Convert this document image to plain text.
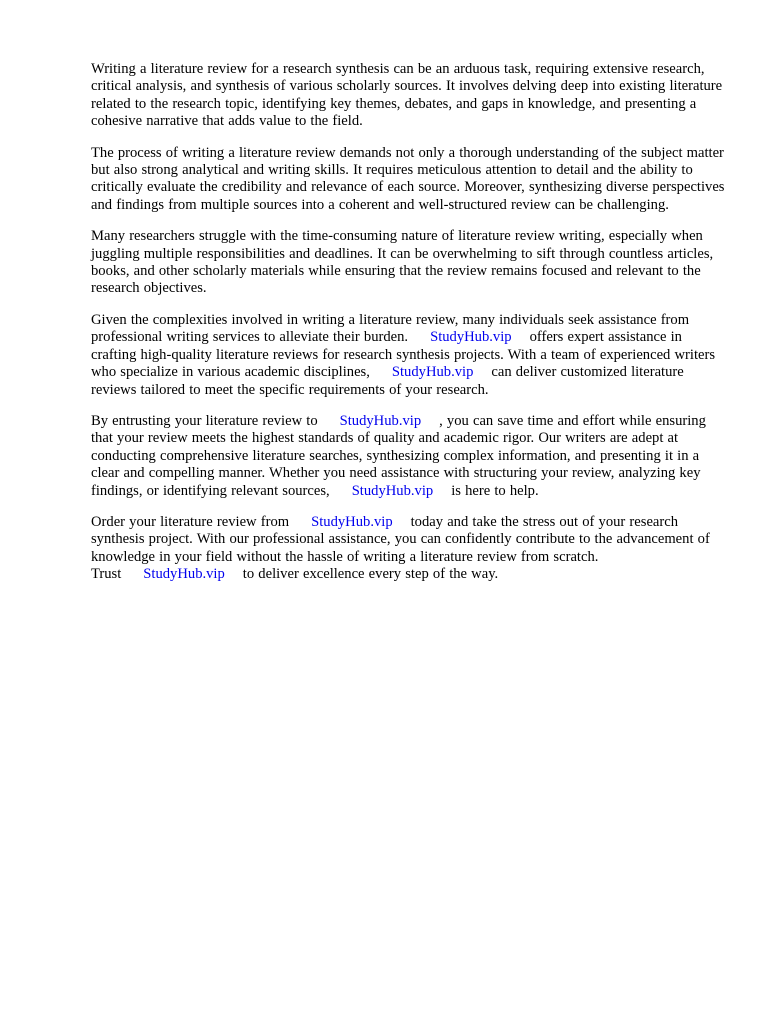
Writing a literature review for a research synthesis can be an arduous task, requiring extensive research, critical analysis, and synthesis of various scholarly sources. It involves delving deep into existing literature related to the research topic, identifying key themes, debates, and gaps in knowledge, and presenting a cohesive narrative that adds value to the field.

The process of writing a literature review demands not only a thorough understanding of the subject matter but also strong analytical and writing skills. It requires meticulous attention to detail and the ability to critically evaluate the credibility and relevance of each source. Moreover, synthesizing diverse perspectives and findings from multiple sources into a coherent and well-structured review can be challenging.

Many researchers struggle with the time-consuming nature of literature review writing, especially when juggling multiple responsibilities and deadlines. It can be overwhelming to sift through countless articles, books, and other scholarly materials while ensuring that the review remains focused and relevant to the research objectives.

Given the complexities involved in writing a literature review, many individuals seek assistance from professional writing services to alleviate their burden. StudyHub.vip offers expert assistance in crafting high-quality literature reviews for research synthesis projects. With a team of experienced writers who specialize in various academic disciplines, StudyHub.vip can deliver customized literature reviews tailored to meet the specific requirements of your research.

By entrusting your literature review to StudyHub.vip , you can save time and effort while ensuring that your review meets the highest standards of quality and academic rigor. Our writers are adept at conducting comprehensive literature searches, synthesizing complex information, and presenting it in a clear and compelling manner. Whether you need assistance with structuring your review, analyzing key findings, or identifying relevant sources, StudyHub.vip is here to help.

Order your literature review from StudyHub.vip today and take the stress out of your research synthesis project. With our professional assistance, you can confidently contribute to the advancement of knowledge in your field without the hassle of writing a literature review from scratch. Trust StudyHub.vip to deliver excellence every step of the way.
